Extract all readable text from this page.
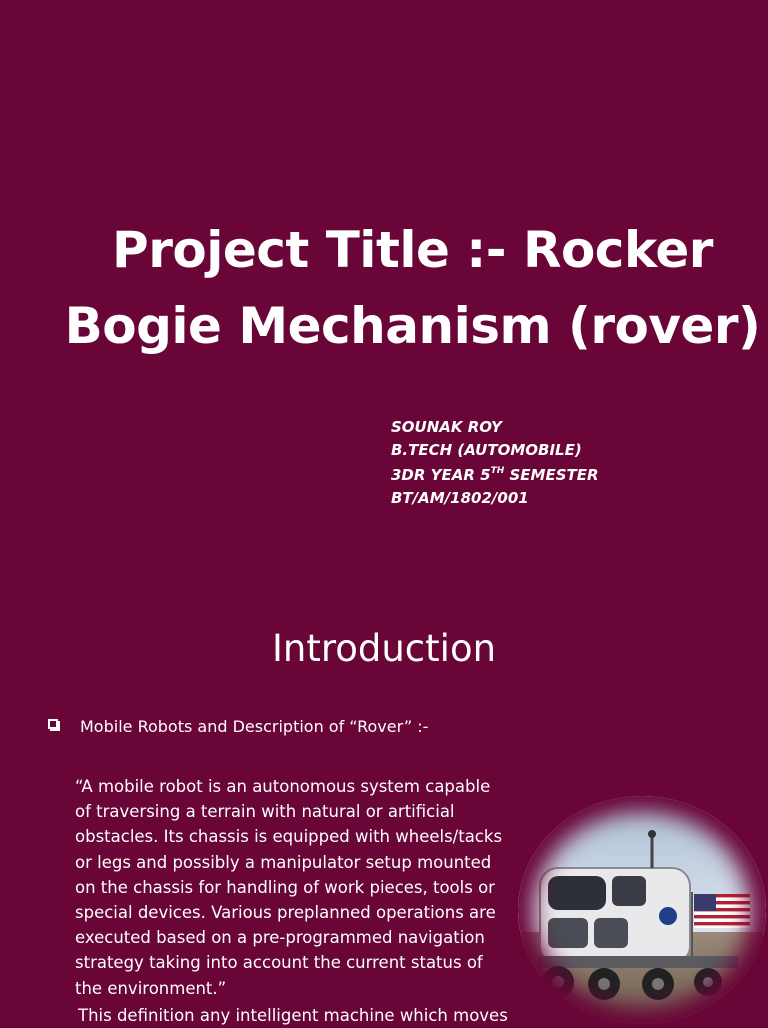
Project Title :- Rocker
Bogie Mechanism (rover)
SOUNAK ROY
B.TECH (AUTOMOBILE)
3DR YEAR 5TH SEMESTER
BT/AM/1802/001
Introduction
Mobile Robots and Description of “Rover” :-
“A mobile robot is an autonomous system capable
of traversing a terrain with natural or artificial
obstacles. Its chassis is equipped with wheels/tacks
or legs and possibly a manipulator setup mounted
on the chassis for handling of work pieces, tools or
special devices. Various preplanned operations are
executed based on a pre-programmed navigation
strategy taking into account the current status of
the environment.”
This definition any intelligent machine which moves
